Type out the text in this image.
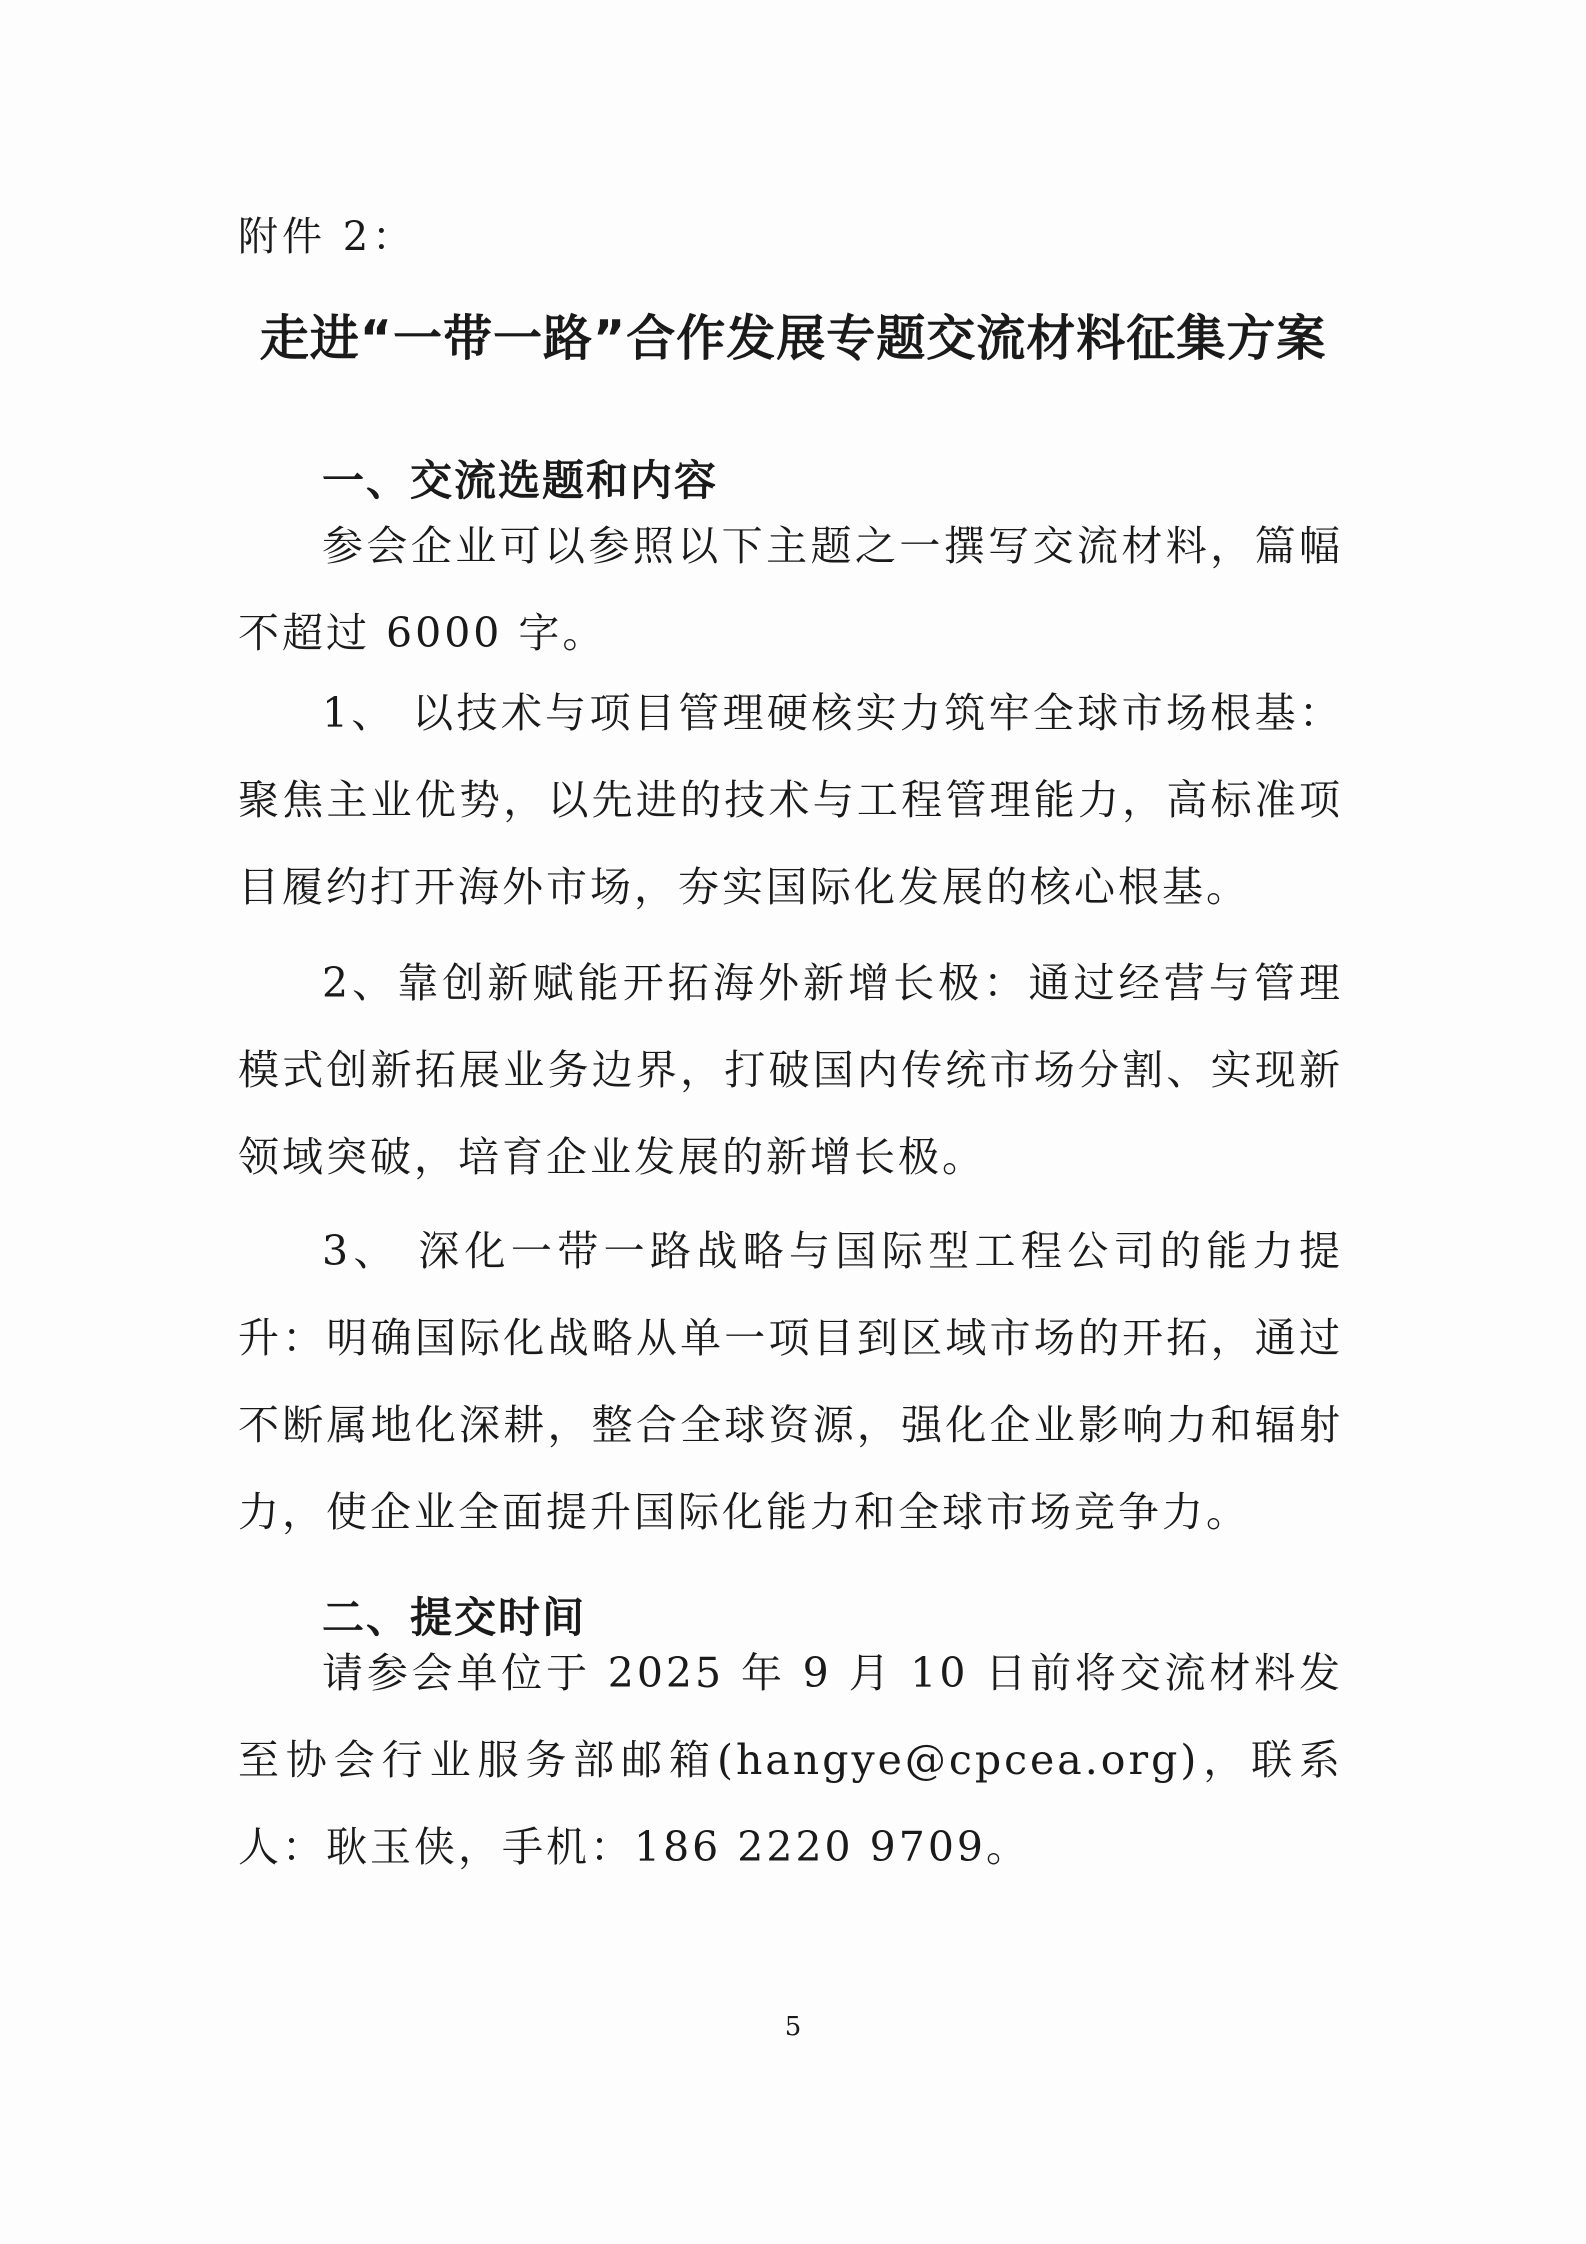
附件 2：
走进“一带一路”合作发展专题交流材料征集方案
一、交流选题和内容
参会企业可以参照以下主题之一撰写交流材料，篇幅不超过 6000 字。
1、 以技术与项目管理硬核实力筑牢全球市场根基：聚焦主业优势，以先进的技术与工程管理能力，高标准项目履约打开海外市场，夯实国际化发展的核心根基。
2、靠创新赋能开拓海外新增长极：通过经营与管理模式创新拓展业务边界，打破国内传统市场分割、实现新领域突破，培育企业发展的新增长极。
3、 深化一带一路战略与国际型工程公司的能力提升：明确国际化战略从单一项目到区域市场的开拓，通过不断属地化深耕，整合全球资源，强化企业影响力和辐射力，使企业全面提升国际化能力和全球市场竞争力。
二、提交时间
请参会单位于 2025 年 9 月 10 日前将交流材料发至协会行业服务部邮箱(hangye@cpcea.org)，联系人：耿玉侠，手机：186 2220 9709。
5
